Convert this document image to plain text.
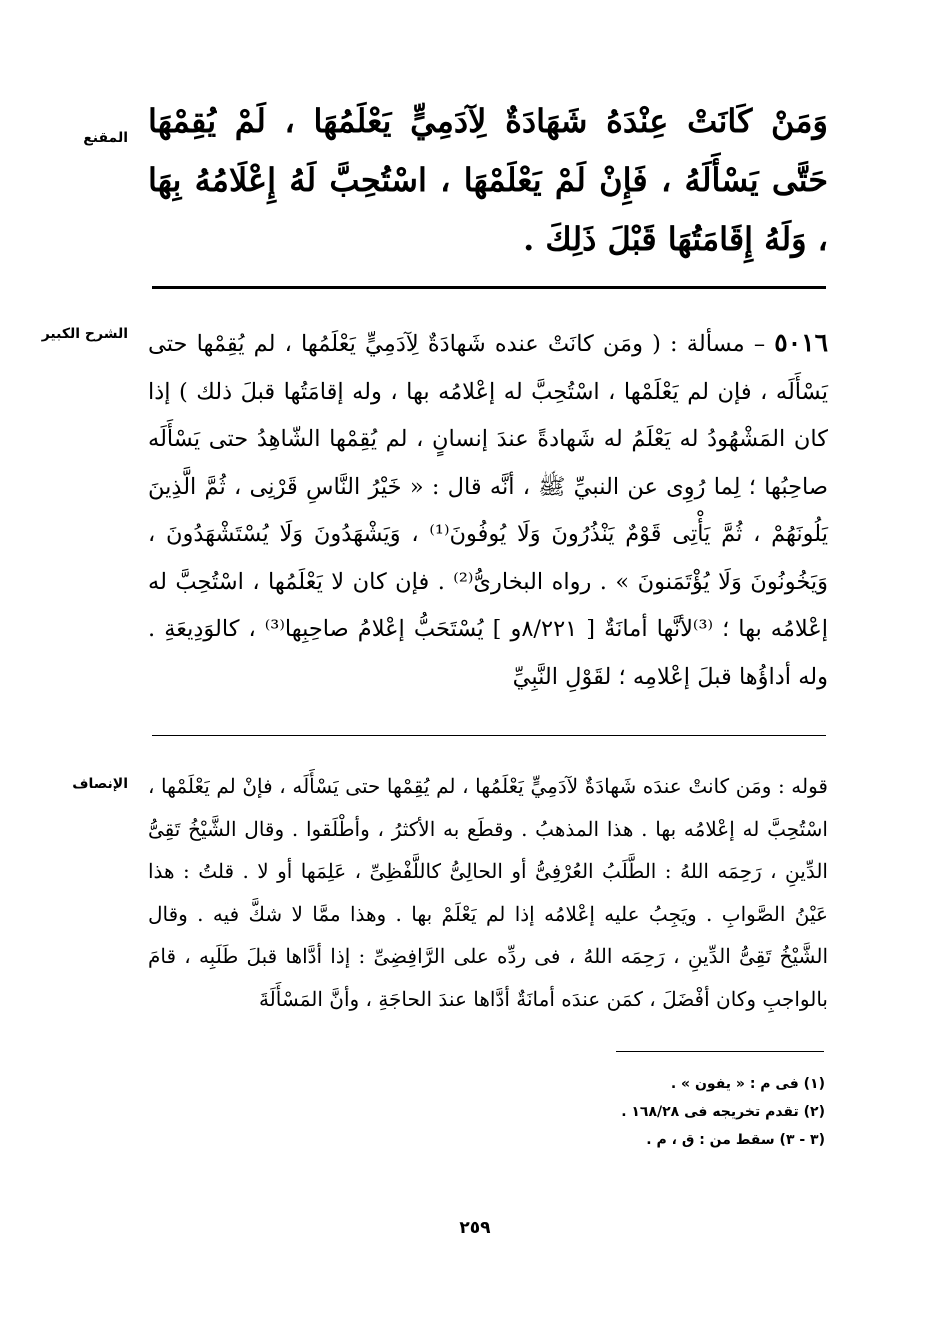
المقنع وَمَنْ كَانَتْ عِنْدَهُ شَهَادَةٌ لِآدَمِيٍّ يَعْلَمُهَا ، لَمْ يُقِمْهَا حَتَّى يَسْأَلَهُ ، فَإِنْ لَمْ يَعْلَمْهَا ، اسْتُحِبَّ لَهُ إِعْلَامُهُ بِهَا ، وَلَهُ إِقَامَتُهَا قَبْلَ ذَلِكَ .
الشرح الكبير	٥٠١٦ – مسألة : ( ومَن كانَتْ عنده شَهادَةٌ لِآدَمِيٍّ يَعْلَمُها ، لم يُقِمْها حتى يَسْأَلَه ، فإن لم يَعْلَمْها ، اسْتُحِبَّ له إعْلامُه بها ، وله إقامَتُها قبلَ ذلك ) إذا كان المَشْهُودُ له يَعْلَمُ له شَهادةً عندَ إنسانٍ ، لم يُقِمْها الشّاهِدُ حتى يَسْأَلَه صاحِبُها ؛ لِما رُوِى عن النبيِّ ﷺ ، أنَّه قال : « خَيْرُ النَّاسِ قَرْنِى ، ثُمَّ الَّذِينَ يَلُونَهُمْ ، ثُمَّ يَأْتِى قَوْمٌ يَنْذُرُونَ وَلَا يُوفُونَ⁽¹⁾ ، وَيَشْهَدُونَ وَلَا يُسْتَشْهَدُونَ ، وَيَخُونُونَ وَلَا يُؤْتَمَنونَ » . رواه البخارىُّ⁽²⁾ . فإن كان لا يَعْلَمُها ، اسْتُحِبَّ له إعْلامُه بها ؛ ⁽³⁾لأنَّها أمانَةٌ [ ٨/٢٢١و ] يُسْتَحَبُّ إعْلامُ صاحِبِها⁽³⁾ ، كالوَدِيعَةِ . وله أداؤُها قبلَ إعْلامِه ؛ لقَوْلِ النَّبِيِّ
الإنصاف قوله : ومَن كانتْ عندَه شَهادَةٌ لآدَمِيٍّ يَعْلَمُها ، لم يُقِمْها حتى يَسْأَلَه ، فإنْ لم يَعْلَمْها ، اسْتُحِبَّ له إعْلامُه بها . هذا المذهبُ . وقطَع به الأكثرُ ، وأطْلَقوا . وقال الشَّيْخُ تَقِىُّ الدِّينِ ، رَحِمَه اللهُ : الطَّلَبُ العُرْفِىُّ أو الحالِىُّ كاللَّفْظِىِّ ، عَلِمَها أو لا . قلتُ : هذا عَيْنُ الصَّوابِ . ويَجِبُ عليه إعْلامُه إذا لم يَعْلَمْ بها . وهذا ممَّا لا شكَّ فيه . وقال الشَّيْخُ تَقِىُّ الدِّينِ ، رَحِمَه اللهُ ، فى ردِّه على الرَّافِضِىِّ : إذا أدَّاها قبلَ طَلَبِه ، قامَ بالواجبِ وكان أفْضَلَ ، كمَن عندَه أمانَةٌ أدَّاها عندَ الحاجَةِ ، وأنَّ المَسْأَلَةَ
(١) فى م : « يفون » .
(٢) تقدم تخريجه فى ١٦٨/٢٨ .
(٣ - ٣) سقط من : ق ، م .
٢٥٩
